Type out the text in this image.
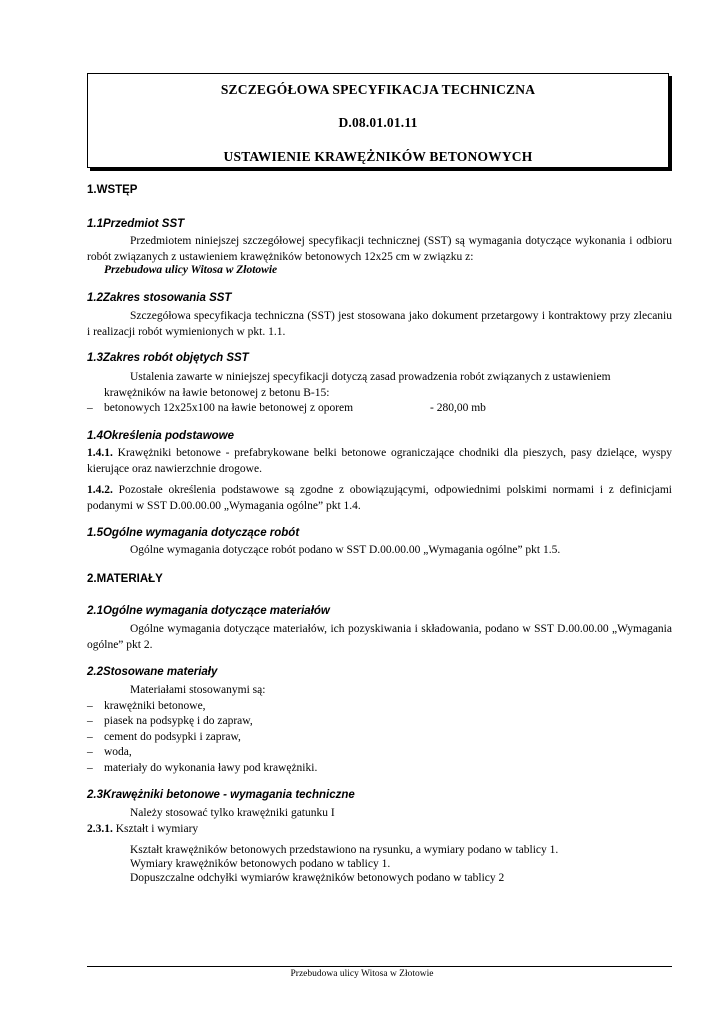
SZCZEGÓŁOWA SPECYFIKACJA TECHNICZNA
D.08.01.01.11
USTAWIENIE KRAWĘŻNIKÓW BETONOWYCH
1.WSTĘP
1.1Przedmiot SST
Przedmiotem niniejszej szczegółowej specyfikacji technicznej (SST) są wymagania dotyczące wykonania i odbioru robót związanych z ustawieniem krawężników betonowych 12x25 cm w związku z:
Przebudowa ulicy Witosa w Złotowie
1.2Zakres stosowania SST
Szczegółowa specyfikacja techniczna (SST) jest stosowana jako dokument przetargowy i kontraktowy przy zlecaniu i realizacji robót wymienionych w pkt. 1.1.
1.3Zakres robót objętych SST
Ustalenia zawarte w niniejszej specyfikacji dotyczą zasad prowadzenia robót związanych z ustawieniem
krawężników na ławie betonowej z betonu B-15:
– betonowych 12x25x100 na ławie betonowej z oporem	- 280,00 mb
1.4Określenia podstawowe
1.4.1. Krawężniki betonowe - prefabrykowane belki betonowe ograniczające chodniki dla pieszych, pasy dzielące, wyspy kierujące oraz nawierzchnie drogowe.
1.4.2. Pozostałe określenia podstawowe są zgodne z obowiązującymi, odpowiednimi polskimi normami i z definicjami podanymi w SST D.00.00.00 „Wymagania ogólne” pkt 1.4.
1.5Ogólne wymagania dotyczące robót
Ogólne wymagania dotyczące robót podano w SST D.00.00.00 „Wymagania ogólne” pkt 1.5.
2.MATERIAŁY
2.1Ogólne wymagania dotyczące materiałów
Ogólne wymagania dotyczące materiałów, ich pozyskiwania i składowania, podano w SST D.00.00.00 „Wymagania ogólne” pkt 2.
2.2Stosowane materiały
Materiałami stosowanymi są:
– krawężniki betonowe,
– piasek na podsypkę i do zapraw,
– cement do podsypki i zapraw,
– woda,
– materiały do wykonania ławy pod krawężniki.
2.3Krawężniki betonowe - wymagania techniczne
Należy stosować tylko krawężniki gatunku I
2.3.1. Kształt i wymiary
Kształt krawężników betonowych przedstawiono na rysunku, a wymiary podano w tablicy 1.
Wymiary krawężników betonowych podano w tablicy 1.
Dopuszczalne odchyłki wymiarów krawężników betonowych podano w tablicy 2
Przebudowa ulicy Witosa w Złotowie
